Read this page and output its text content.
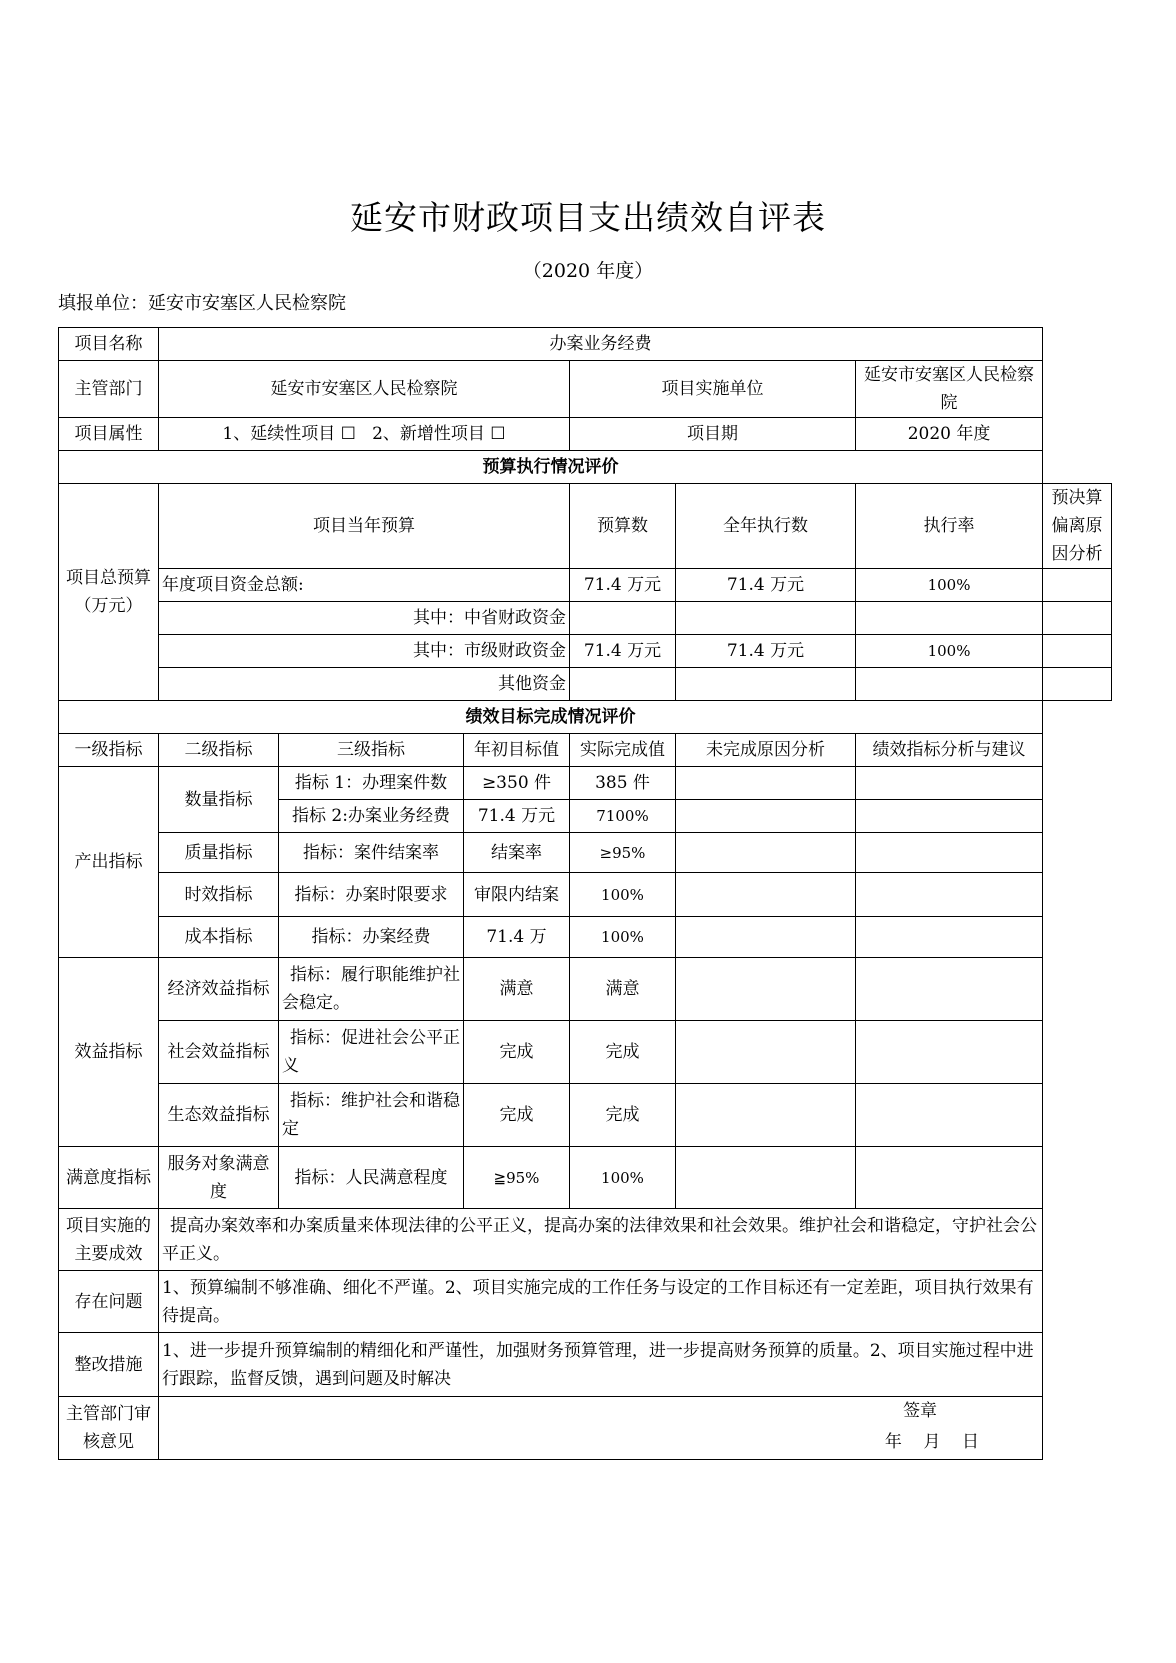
延安市财政项目支出绩效自评表
（2020 年度）
填报单位：延安市安塞区人民检察院
项目名称	办案业务经费						
主管部门	延安市安塞区人民检察院			项目实施单位		延安市安塞区人民检察院	
项目属性	1、延续性项目 ☐   2、新增性项目 ☐			项目期		2020 年度	
预算执行情况评价							
项目总预算（万元）	项目当年预算			预算数	全年执行数	执行率	预决算偏离原因分析
	年度项目资金总额:			71.4 万元	71.4 万元	100%	
	其中：中省财政资金						
	其中：市级财政资金			71.4 万元	71.4 万元	100%	
	其他资金						
绩效目标完成情况评价							
一级指标	二级指标	三级指标	年初目标值	实际完成值	未完成原因分析	绩效指标分析与建议	
产出指标	数量指标	指标 1：办理案件数	≥350 件	385 件			
		指标 2:办案业务经费	71.4 万元	7100%			
	质量指标	指标：案件结案率	结案率	≥95%			
	时效指标	指标：办案时限要求	审限内结案	100%			
	成本指标	指标：办案经费	71.4 万	100%			

效益指标	经济效益指标	指标：履行职能维护社会稳定。	满意	满意			
	社会效益指标	指标：促进社会公平正义	完成	完成			
	生态效益指标	指标：维护社会和谐稳定	完成	完成			
满意度指标	服务对象满意度	指标：人民满意程度	≧95%	100%			
项目实施的主要成效	提高办案效率和办案质量来体现法律的公平正义，提高办案的法律效果和社会效果。维护社会和谐稳定，守护社会公平正义。						
存在问题	1、预算编制不够准确、细化不严谨。2、项目实施完成的工作任务与设定的工作目标还有一定差距，项目执行效果有待提高。						
整改措施	1、进一步提升预算编制的精细化和严谨性，加强财务预算管理，进一步提高财务预算的质量。2、项目实施过程中进行跟踪，监督反馈，遇到问题及时解决						
主管部门审核意见	签章
年    月    日						
